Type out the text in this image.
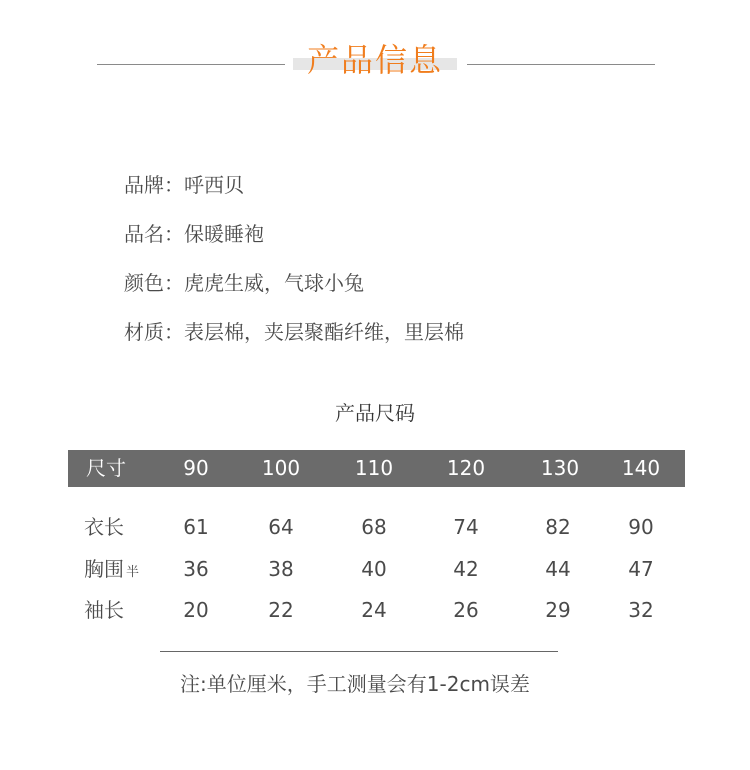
产品信息
品牌：呼西贝
品名：保暖睡袍
颜色：虎虎生威，气球小兔
材质：表层棉，夹层聚酯纤维，里层棉
产品尺码
尺寸	90	100	110	120	130	140
衣长	61	64	68	74	82	90
胸围 半	36	38	40	42	44	47
袖长	20	22	24	26	29	32
注:单位厘米，手工测量会有1-2cm误差
